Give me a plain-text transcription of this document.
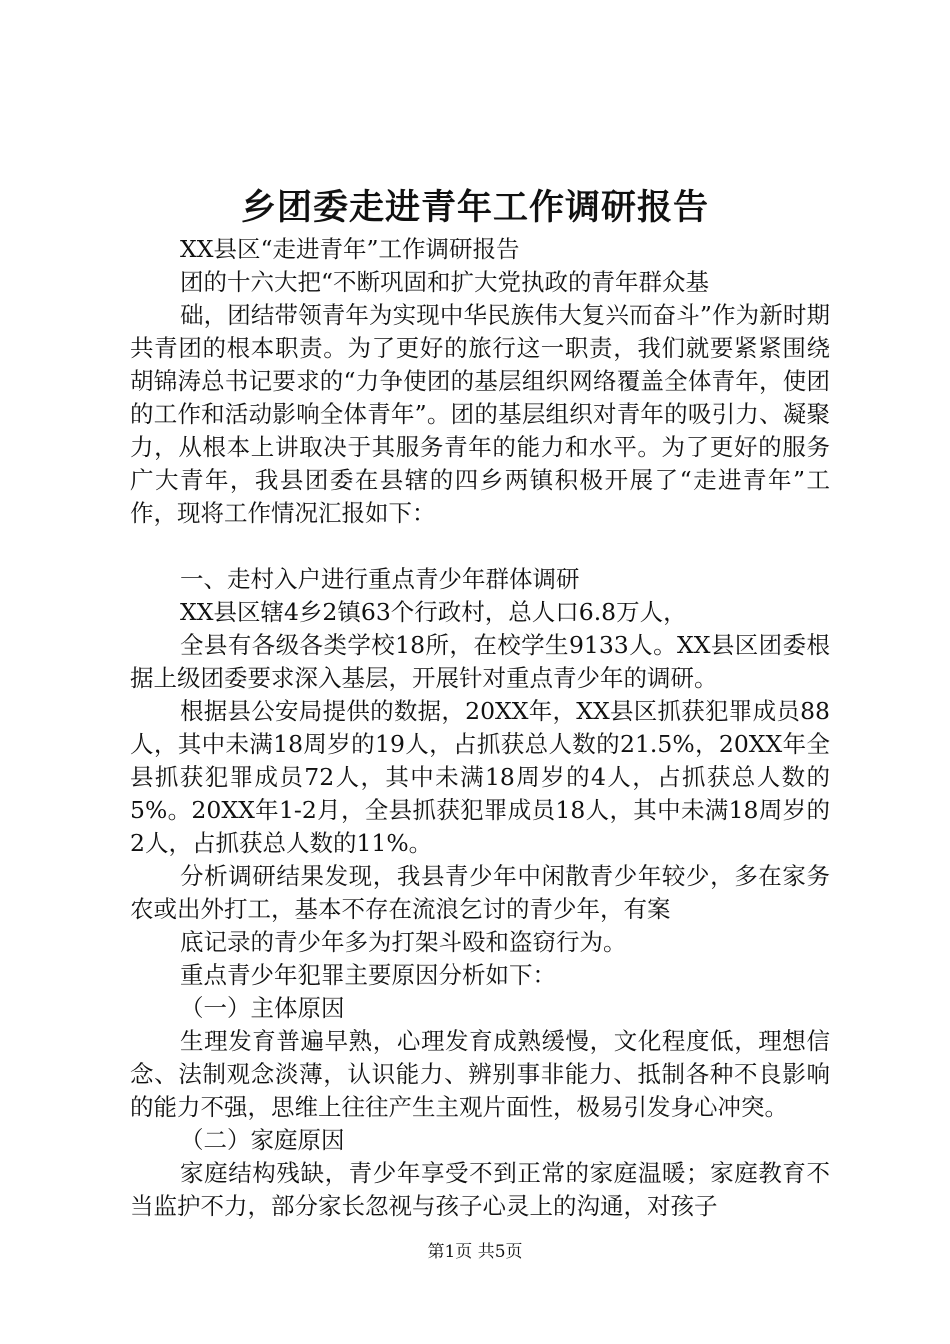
乡团委走进青年工作调研报告

XX县区“走进青年”工作调研报告

团的十六大把“不断巩固和扩大党执政的青年群众基

础，团结带领青年为实现中华民族伟大复兴而奋斗”作为新时期共青团的根本职责。为了更好的旅行这一职责，我们就要紧紧围绕胡锦涛总书记要求的“力争使团的基层组织网络覆盖全体青年，使团的工作和活动影响全体青年”。团的基层组织对青年的吸引力、凝聚力，从根本上讲取决于其服务青年的能力和水平。为了更好的服务广大青年，我县团委在县辖的四乡两镇积极开展了“走进青年”工作，现将工作情况汇报如下：

一、走村入户进行重点青少年群体调研

XX县区辖4乡2镇63个行政村，总人口6.8万人，

全县有各级各类学校18所，在校学生9133人。XX县区团委根据上级团委要求深入基层，开展针对重点青少年的调研。

根据县公安局提供的数据，20XX年，XX县区抓获犯罪成员88人，其中未满18周岁的19人，占抓获总人数的21.5%，20XX年全县抓获犯罪成员72人，其中未满18周岁的4人，占抓获总人数的5%。20XX年1-2月，全县抓获犯罪成员18人，其中未满18周岁的2人，占抓获总人数的11%。

分析调研结果发现，我县青少年中闲散青少年较少，多在家务农或出外打工，基本不存在流浪乞讨的青少年，有案

底记录的青少年多为打架斗殴和盗窃行为。

重点青少年犯罪主要原因分析如下：

（一）主体原因

生理发育普遍早熟，心理发育成熟缓慢，文化程度低，理想信念、法制观念淡薄，认识能力、辨别事非能力、抵制各种不良影响的能力不强，思维上往往产生主观片面性，极易引发身心冲突。

（二）家庭原因

家庭结构残缺，青少年享受不到正常的家庭温暖；家庭教育不当监护不力，部分家长忽视与孩子心灵上的沟通，对孩子

第1页 共5页
